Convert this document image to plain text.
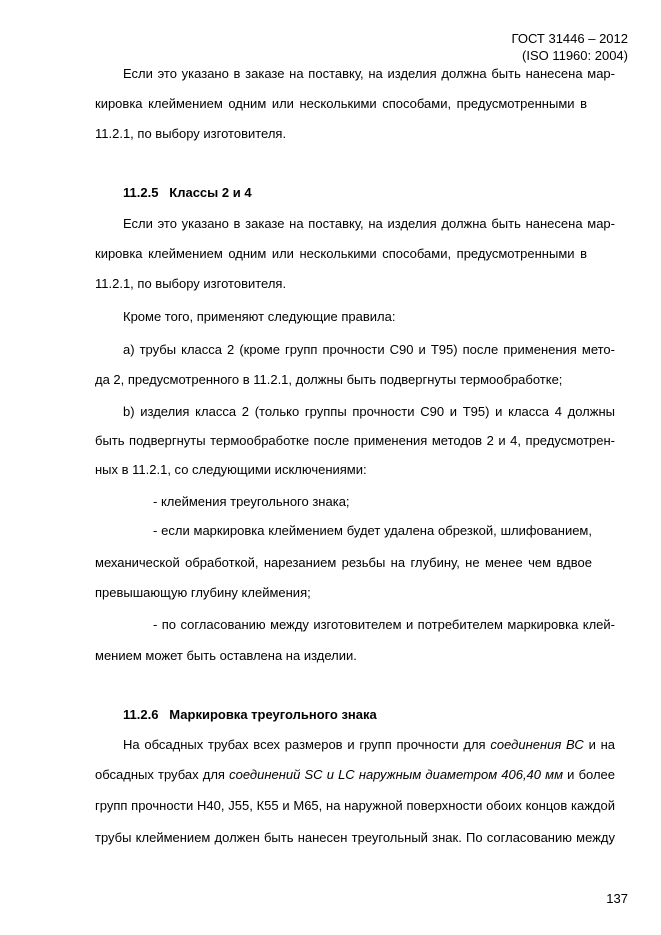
ГОСТ 31446 – 2012
(ISO 11960: 2004)
Если это указано в заказе на поставку, на изделия должна быть нанесена мар-
кировка клеймением одним или несколькими способами, предусмотренными в
11.2.1, по выбору изготовителя.
11.2.5 Классы 2 и 4
Если это указано в заказе на поставку, на изделия должна быть нанесена мар-
кировка клеймением одним или несколькими способами, предусмотренными в
11.2.1, по выбору изготовителя.
Кроме того, применяют следующие правила:
a) трубы класса 2 (кроме групп прочности С90 и Т95) после применения мето-
да 2, предусмотренного в 11.2.1, должны быть подвергнуты термообработке;
b) изделия класса 2 (только группы прочности С90 и Т95) и класса 4 должны
быть подвергнуты термообработке после применения методов 2 и 4, предусмотрен-
ных в 11.2.1, со следующими исключениями:
- клеймения треугольного знака;
- если маркировка клеймением будет удалена обрезкой, шлифованием,
механической обработкой, нарезанием резьбы на глубину, не менее чем вдвое
превышающую глубину клеймения;
- по согласованию между изготовителем и потребителем маркировка клей-
мением может быть оставлена на изделии.
11.2.6 Маркировка треугольного знака
На обсадных трубах всех размеров и групп прочности для соединения ВС и на
обсадных трубах для соединений SC и LC наружным диаметром 406,40 мм и более
групп прочности Н40, J55, К55 и М65, на наружной поверхности обоих концов каждой
трубы клеймением должен быть нанесен треугольный знак. По согласованию между
137
